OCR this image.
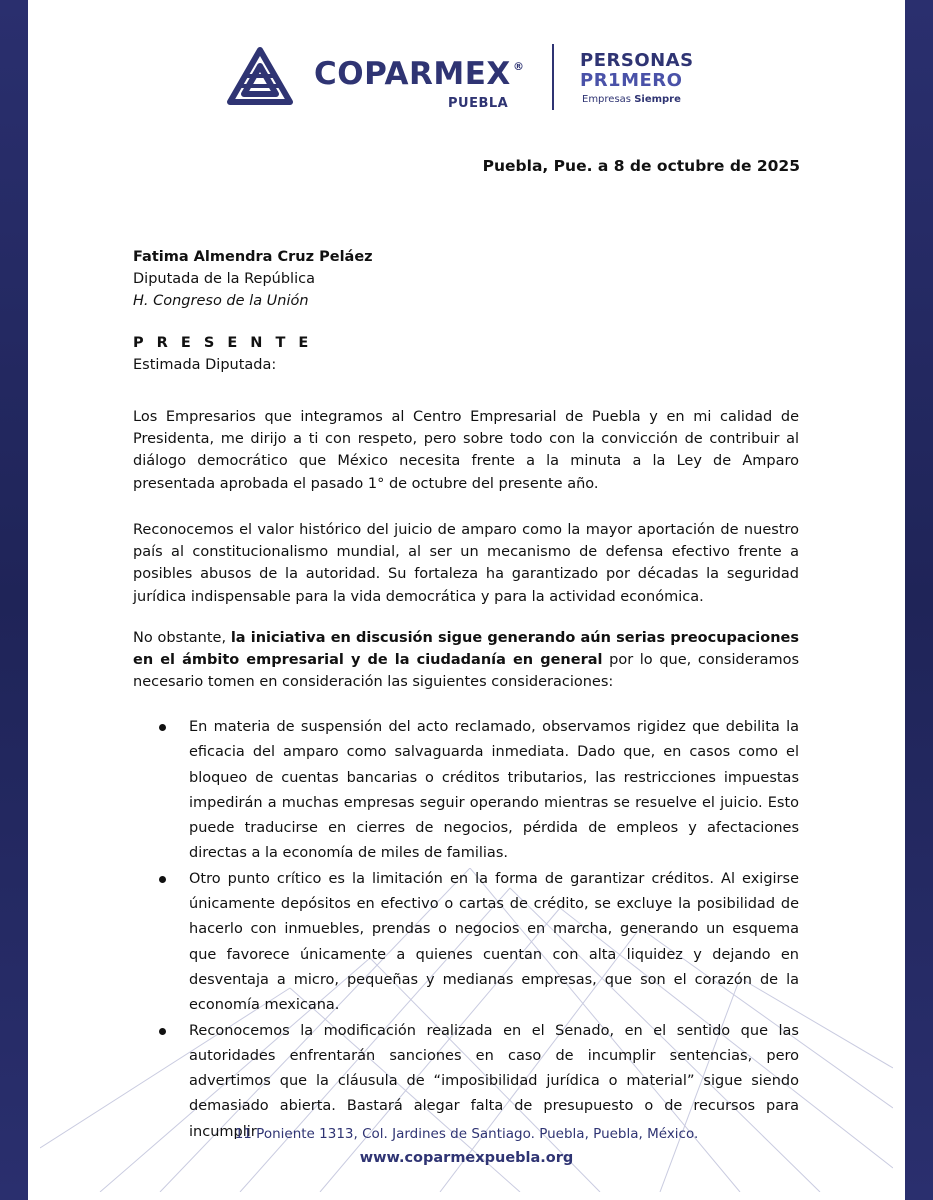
COPARMEX ®
PUEBLA
PERSONAS
PR1MERO
Empresas Siempre
Puebla, Pue. a 8 de octubre de 2025
Fatima Almendra Cruz Peláez
Diputada de la República
H. Congreso de la Unión
P R E S E N T E
Estimada Diputada:
Los Empresarios que integramos al Centro Empresarial de Puebla y en mi calidad de Presidenta, me dirijo a ti con respeto, pero sobre todo con la convicción de contribuir al diálogo democrático que México necesita frente a la minuta a la Ley de Amparo presentada aprobada el pasado 1° de octubre del presente año.
Reconocemos el valor histórico del juicio de amparo como la mayor aportación de nuestro país al constitucionalismo mundial, al ser un mecanismo de defensa efectivo frente a posibles abusos de la autoridad. Su fortaleza ha garantizado por décadas la seguridad jurídica indispensable para la vida democrática y para la actividad económica.
No obstante, la iniciativa en discusión sigue generando aún serias preocupaciones en el ámbito empresarial y de la ciudadanía en general por lo que, consideramos necesario tomen en consideración las siguientes consideraciones:
En materia de suspensión del acto reclamado, observamos rigidez que debilita la eficacia del amparo como salvaguarda inmediata. Dado que, en casos como el bloqueo de cuentas bancarias o créditos tributarios, las restricciones impuestas impedirán a muchas empresas seguir operando mientras se resuelve el juicio. Esto puede traducirse en cierres de negocios, pérdida de empleos y afectaciones directas a la economía de miles de familias.
Otro punto crítico es la limitación en la forma de garantizar créditos. Al exigirse únicamente depósitos en efectivo o cartas de crédito, se excluye la posibilidad de hacerlo con inmuebles, prendas o negocios en marcha, generando un esquema que favorece únicamente a quienes cuentan con alta liquidez y dejando en desventaja a micro, pequeñas y medianas empresas, que son el corazón de la economía mexicana.
Reconocemos la modificación realizada en el Senado, en el sentido que las autoridades enfrentarán sanciones en caso de incumplir sentencias, pero advertimos que la cláusula de “imposibilidad jurídica o material” sigue siendo demasiado abierta. Bastará alegar falta de presupuesto o de recursos para incumplir
11 Poniente 1313, Col. Jardines de Santiago. Puebla, Puebla, México.
www.coparmexpuebla.org
